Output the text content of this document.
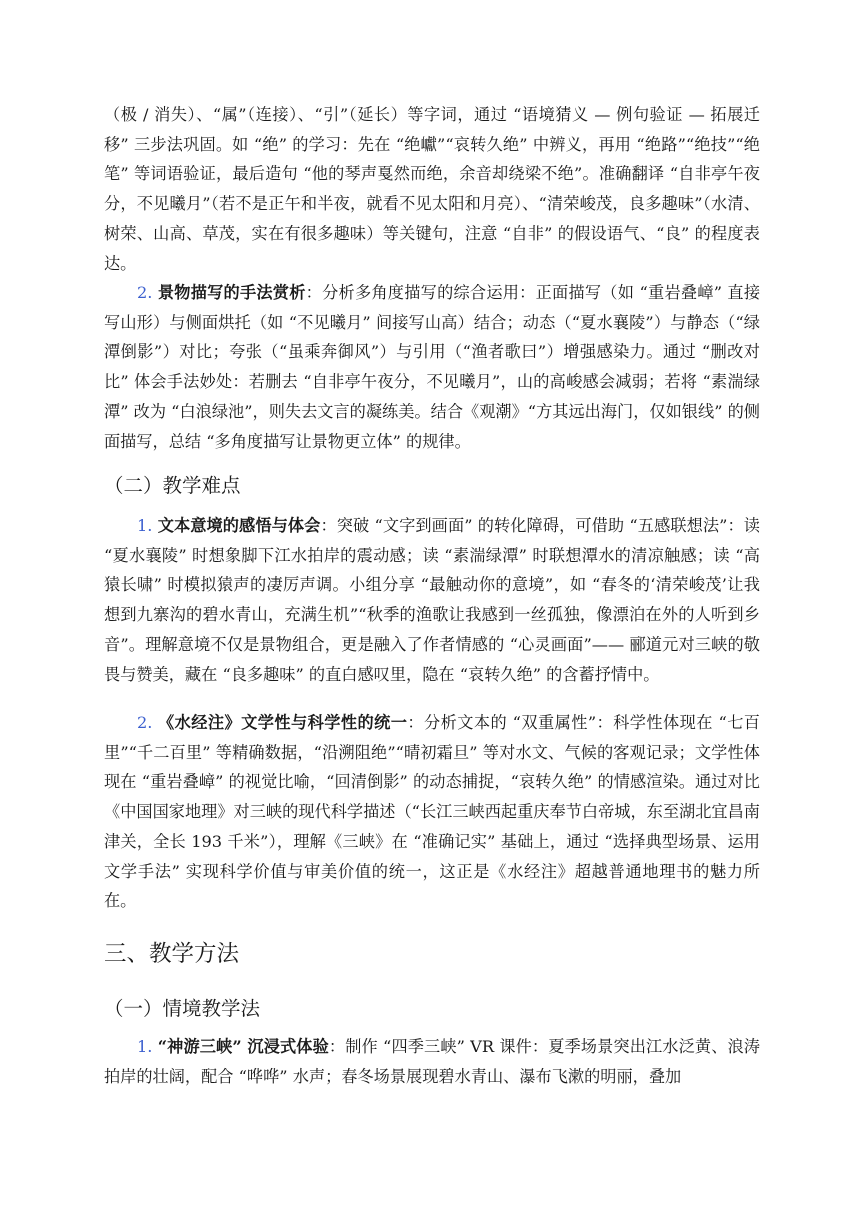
（极 / 消失）、“属”（连接）、“引”（延长）等字词，通过 “语境猜义 — 例句验证 — 拓展迁移” 三步法巩固。如 “绝” 的学习：先在 “绝巘”“哀转久绝” 中辨义，再用 “绝路”“绝技”“绝笔” 等词语验证，最后造句 “他的琴声戛然而绝，余音却绕梁不绝”。准确翻译 “自非亭午夜分，不见曦月”（若不是正午和半夜，就看不见太阳和月亮）、“清荣峻茂，良多趣味”（水清、树荣、山高、草茂，实在有很多趣味）等关键句，注意 “自非” 的假设语气、“良” 的程度表达。

2. 景物描写的手法赏析：分析多角度描写的综合运用：正面描写（如 “重岩叠嶂” 直接写山形）与侧面烘托（如 “不见曦月” 间接写山高）结合；动态（“夏水襄陵”）与静态（“绿潭倒影”）对比；夸张（“虽乘奔御风”）与引用（“渔者歌曰”）增强感染力。通过 “删改对比” 体会手法妙处：若删去 “自非亭午夜分，不见曦月”，山的高峻感会减弱；若将 “素湍绿潭” 改为 “白浪绿池”，则失去文言的凝练美。结合《观潮》“方其远出海门，仅如银线” 的侧面描写，总结 “多角度描写让景物更立体” 的规律。

（二）教学难点

1. 文本意境的感悟与体会：突破 “文字到画面” 的转化障碍，可借助 “五感联想法”：读 “夏水襄陵” 时想象脚下江水拍岸的震动感；读 “素湍绿潭” 时联想潭水的清凉触感；读 “高猿长啸” 时模拟猿声的凄厉声调。小组分享 “最触动你的意境”，如 “春冬的‘清荣峻茂’让我想到九寨沟的碧水青山，充满生机”“秋季的渔歌让我感到一丝孤独，像漂泊在外的人听到乡音”。理解意境不仅是景物组合，更是融入了作者情感的 “心灵画面”—— 郦道元对三峡的敬畏与赞美，藏在 “良多趣味” 的直白感叹里，隐在 “哀转久绝” 的含蓄抒情中。

2. 《水经注》文学性与科学性的统一：分析文本的 “双重属性”：科学性体现在 “七百里”“千二百里” 等精确数据，“沿溯阻绝”“晴初霜旦” 等对水文、气候的客观记录；文学性体现在 “重岩叠嶂” 的视觉比喻，“回清倒影” 的动态捕捉，“哀转久绝” 的情感渲染。通过对比《中国国家地理》对三峡的现代科学描述（“长江三峡西起重庆奉节白帝城，东至湖北宜昌南津关，全长 193 千米”），理解《三峡》在 “准确记实” 基础上，通过 “选择典型场景、运用文学手法” 实现科学价值与审美价值的统一，这正是《水经注》超越普通地理书的魅力所在。

三、教学方法
（一）情境教学法

1. “神游三峡” 沉浸式体验：制作 “四季三峡” VR 课件：夏季场景突出江水泛黄、浪涛拍岸的壮阔，配合 “哗哗” 水声；春冬场景展现碧水青山、瀑布飞漱的明丽，叠加
